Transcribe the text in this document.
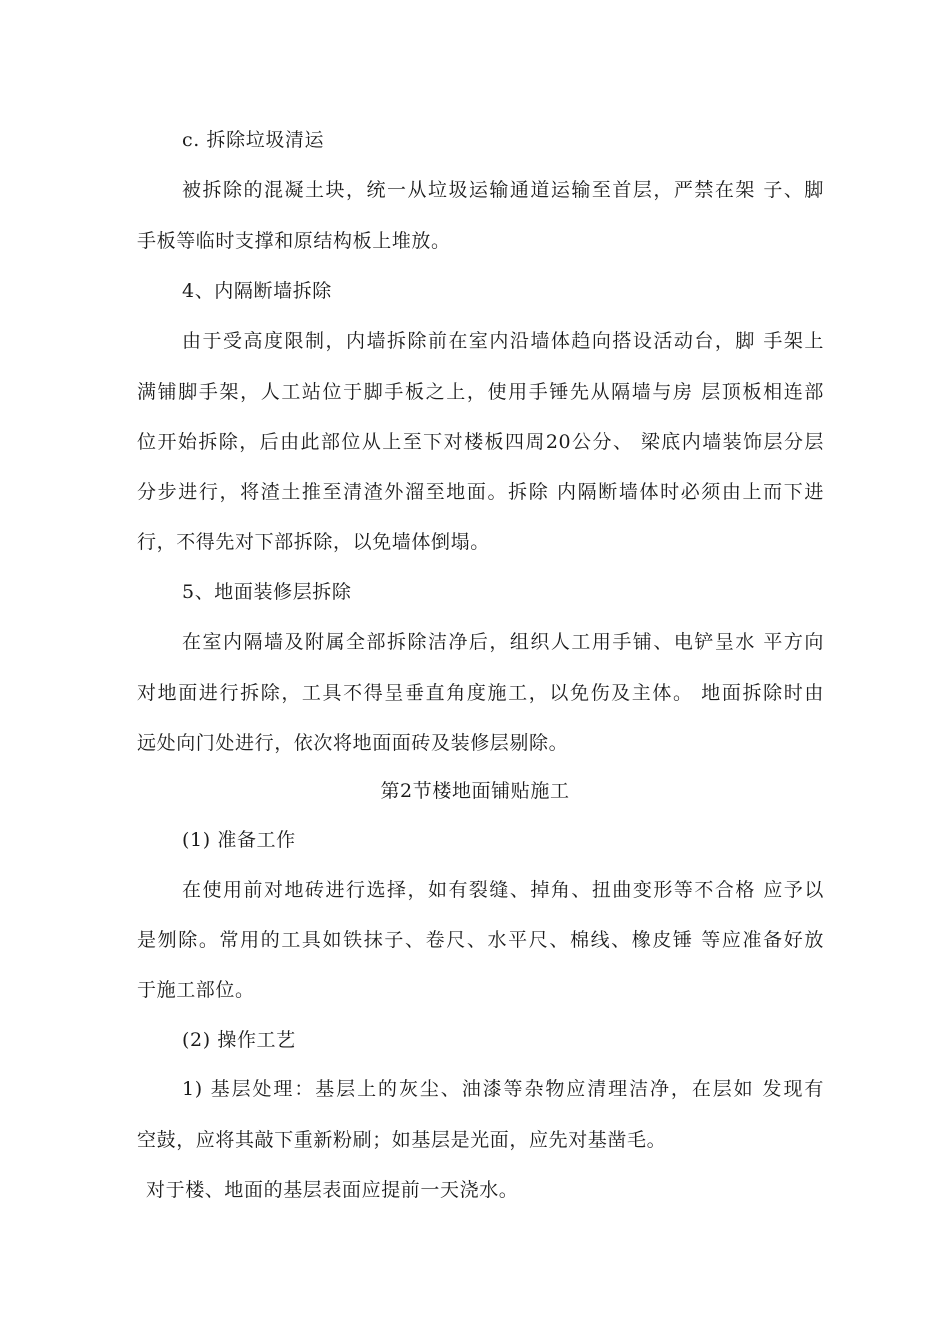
c. 拆除垃圾清运
被拆除的混凝土块，统一从垃圾运输通道运输至首层，严禁在架 子、脚
手板等临时支撑和原结构板上堆放。
4、内隔断墙拆除
由于受高度限制，内墙拆除前在室内沿墙体趋向搭设活动台，脚 手架上
满铺脚手架，人工站位于脚手板之上，使用手锤先从隔墙与房 层顶板相连部
位开始拆除，后由此部位从上至下对楼板四周20公分、 梁底内墙装饰层分层
分步进行，将渣土推至清渣外溜至地面。拆除 内隔断墙体时必须由上而下进
行，不得先对下部拆除，以免墙体倒塌。
5、地面装修层拆除
在室内隔墙及附属全部拆除洁净后，组织人工用手铺、电铲呈水 平方向
对地面进行拆除，工具不得呈垂直角度施工，以免伤及主体。 地面拆除时由
远处向门处进行，依次将地面面砖及装修层剔除。
第2节楼地面铺贴施工
(1) 准备工作
在使用前对地砖进行选择，如有裂缝、掉角、扭曲变形等不合格 应予以
是刎除。常用的工具如铁抹子、卷尺、水平尺、棉线、橡皮锤 等应准备好放
于施工部位。
(2) 操作工艺
1) 基层处理：基层上的灰尘、油漆等杂物应清理洁净，在层如 发现有
空鼓，应将其敲下重新粉刷；如基层是光面，应先对基凿毛。
对于楼、地面的基层表面应提前一天浇水。
